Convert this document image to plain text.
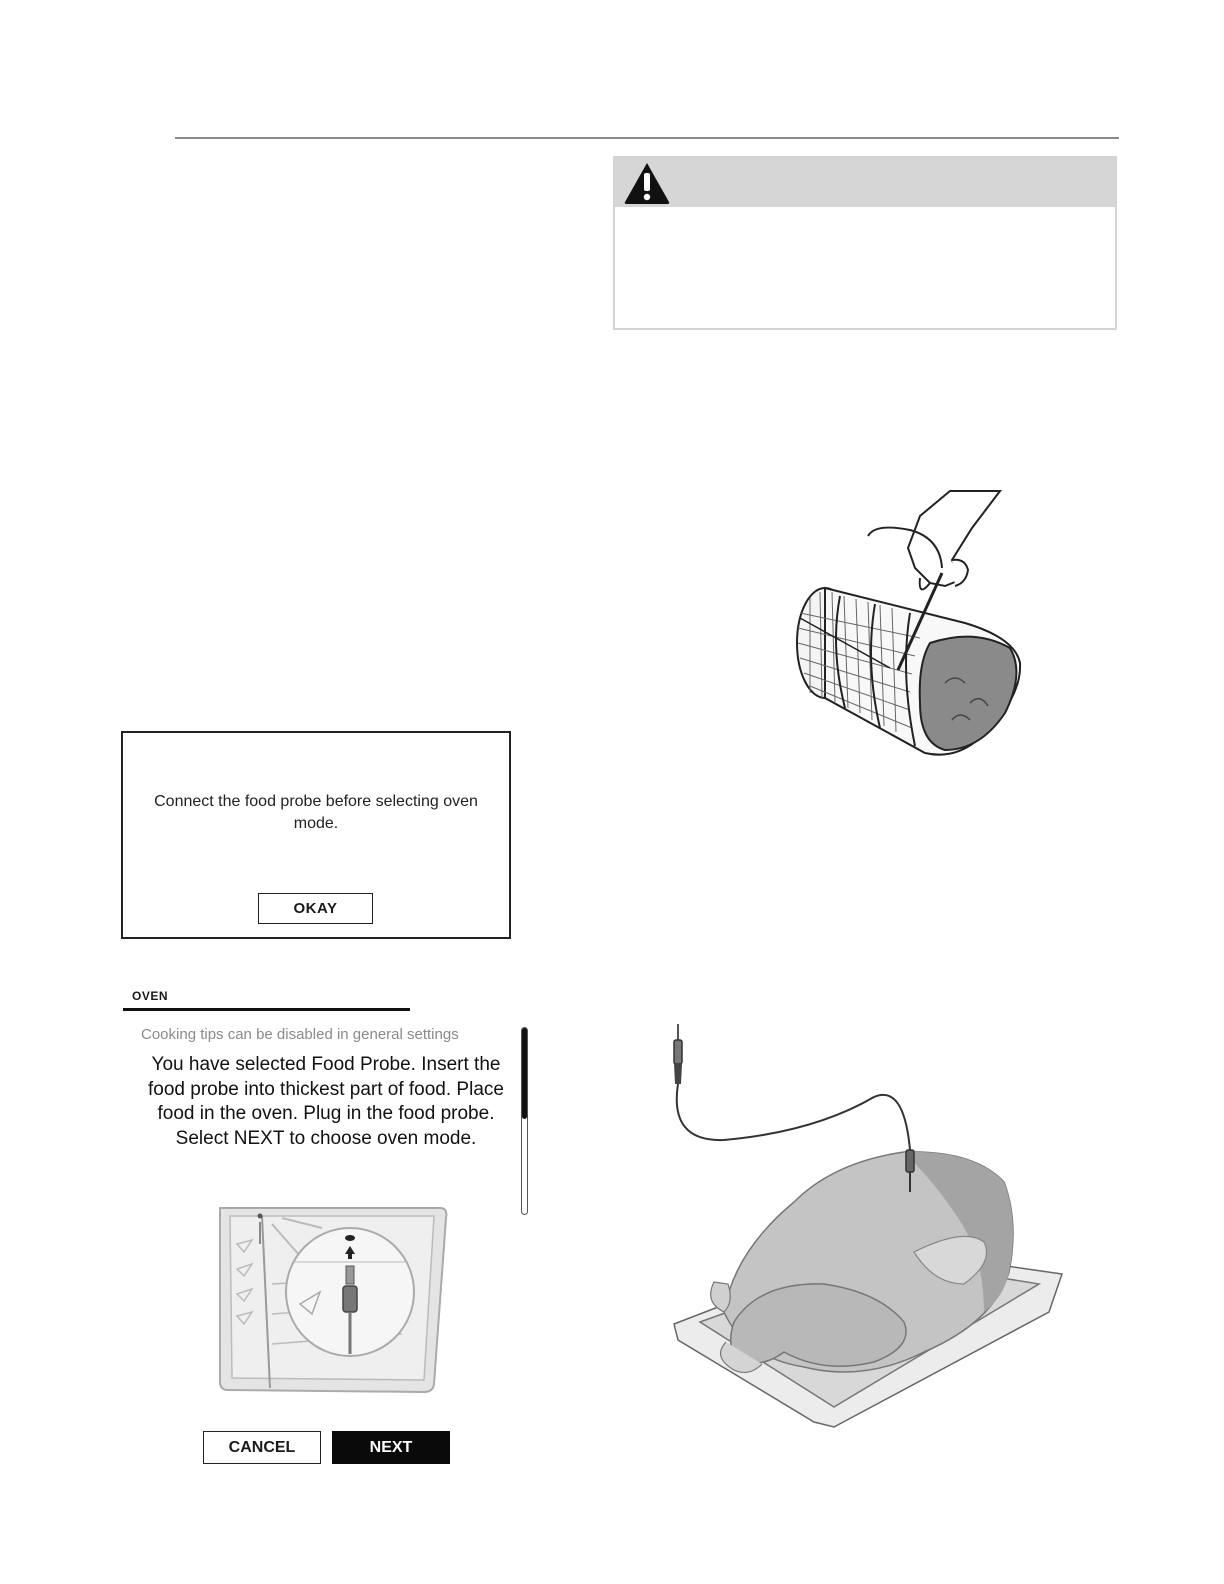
Connect the food probe before selecting oven mode.
OKAY
OVEN
Cooking tips can be disabled in general settings
You have selected Food Probe. Insert the food probe into thickest part of food. Place food in the oven. Plug in the food probe. Select NEXT to choose oven mode.
CANCEL	NEXT
